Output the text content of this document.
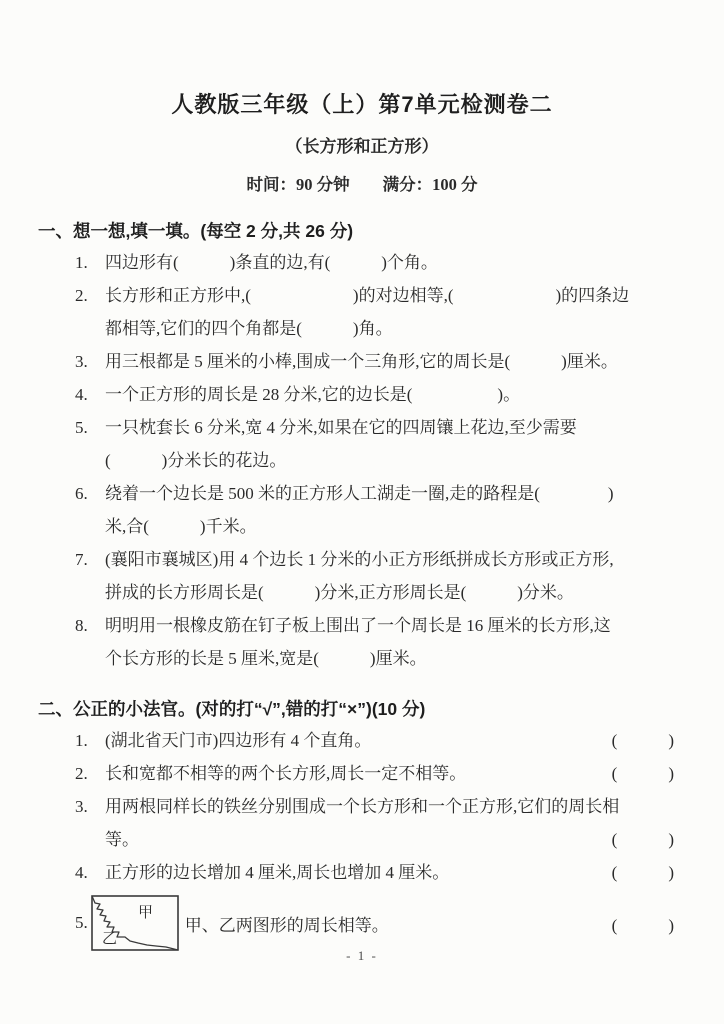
人教版三年级（上）第7单元检测卷二
（长方形和正方形）
时间：90 分钟　　满分：100 分
一、想一想,填一填。(每空 2 分,共 26 分)
1. 四边形有(　　　)条直的边,有(　　　)个角。
2. 长方形和正方形中,(　　　　　　)的对边相等,(　　　　　　)的四条边
都相等,它们的四个角都是(　　　)角。
3. 用三根都是 5 厘米的小棒,围成一个三角形,它的周长是(　　　)厘米。
4. 一个正方形的周长是 28 分米,它的边长是(　　　　　)。
5. 一只枕套长 6 分米,宽 4 分米,如果在它的四周镶上花边,至少需要
(　　　)分米长的花边。
6. 绕着一个边长是 500 米的正方形人工湖走一圈,走的路程是(　　　　)
米,合(　　　)千米。
7. (襄阳市襄城区)用 4 个边长 1 分米的小正方形纸拼成长方形或正方形,
拼成的长方形周长是(　　　)分米,正方形周长是(　　　)分米。
8. 明明用一根橡皮筋在钉子板上围出了一个周长是 16 厘米的长方形,这
个长方形的长是 5 厘米,宽是(　　　)厘米。
二、公正的小法官。(对的打“√”,错的打“×”)(10 分)
1. (湖北省天门市)四边形有 4 个直角。	(　　　)
2. 长和宽都不相等的两个长方形,周长一定不相等。	(　　　)
3. 用两根同样长的铁丝分别围成一个长方形和一个正方形,它们的周长相
等。	(　　　)
4. 正方形的边长增加 4 厘米,周长也增加 4 厘米。	(　　　)
5.	甲
乙
甲、乙两图形的周长相等。	(　　　)
- 1 -
